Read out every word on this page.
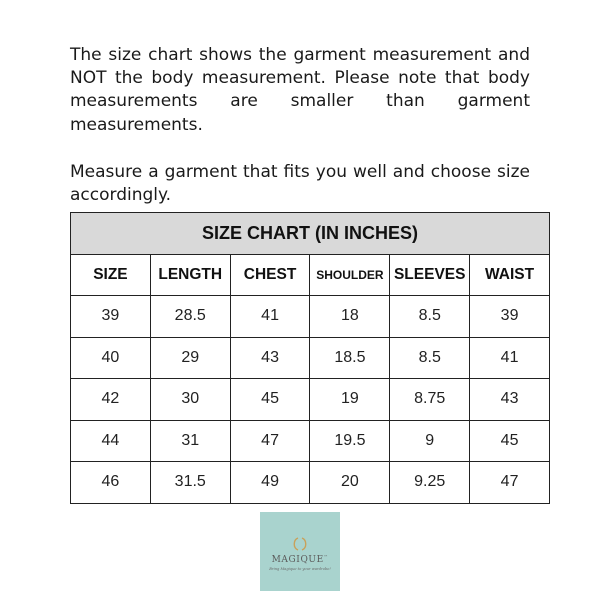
The size chart shows the garment measurement and NOT the body measurement. Please note that body measurements are smaller than garment measurements.

Measure a garment that fits you well and choose size accordingly.

SIZE CHART (IN INCHES)					
SIZE	LENGTH	CHEST	SHOULDER	SLEEVES	WAIST
39	28.5	41	18	8.5	39
40	29	43	18.5	8.5	41
42	30	45	19	8.75	43
44	31	47	19.5	9	45
46	31.5	49	20	9.25	47
MAGIQUE™
Bring Magique to your wardrobe!
